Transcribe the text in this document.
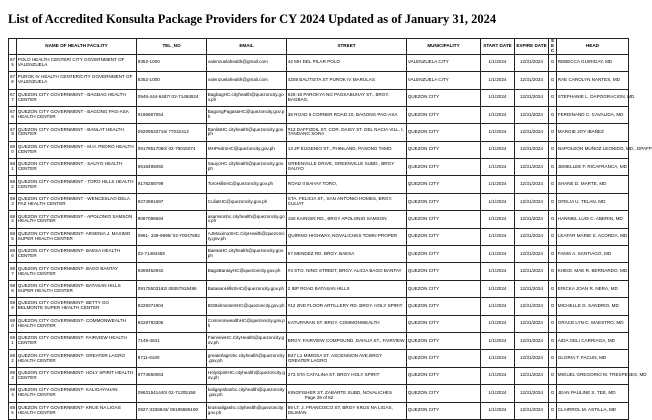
List of Accredited Konsulta Package Providers for CY 2024 Updated as of January 31, 2024
	NAME OF HEALTH FACILITY	TEL_NO	EMAIL	STREET	MUNICIPALITY	START DATE	EXPIRE DATE	SEC	HEAD
675	POLO HEALTH CENTER/ CITY GOVERNMENT OF VALENZUELA	8352-1000	valenzuelahealth@gmail.com	42 MH DEL PILAR POLO	VALENZUELA CITY	1/1/2024	12/31/2024	G	REBECCA GUIRIGAY, MD
676	PUROK IV HEALTH CENTER/CITY GOVERNMENT OF VALENZUELA	8352-1000	valenzuelahealth@gmail.com	4208 BAUTISTA ST PUROK IV MARULAS	VALENZUELA CITY	1/1/2024	12/31/2024	G	RAE CAROLYN NANTES, MD
677	QUEZON CITY GOVERNMENT - BAGBAG HEALTH CENTER	0946-444-6487/ 02-71484924	BagbagHC.cityhealth@quezoncity.gov.ph	625-18 PAROKYA NG PAGKABUHAY ST., BRGY. BAGBAG,	QUEZON CITY	1/1/2024	12/31/2024	G	STEPHANIE L. DAPOGRACION, MD
678	QUEZON CITY GOVERNMENT - BAGONG PAG-ASA HEALTH CENTER	9196667054	BagongPagasaHC@quezoncity.gov.ph	36 ROAD 9 CORNER ROAD 10, BAGONG PAG-ASA	QUEZON CITY	1/1/2024	12/31/2024	G	FERDINAND C. CAVALIDA, MD
679	QUEZON CITY GOVERNMENT - BANLAT HEALTH CENTER	09209533716/ 77032412	BanlatHC.cityhealth@quezoncity.gov.ph	#13 DAFFODIL ST. COR. DAISY ST. DEL NACIA VILL. I, TANDANG SORA	QUEZON CITY	1/1/2024	12/31/2024	G	MARGIE JOY IBAÑEZ
680	QUEZON CITY GOVERNMENT - M.H. PEDRO HEALTH CENTER	09178517080/ 02-79015074	MHPedroHC@quezoncity.gov.ph	13 JP EUGENIO ST., PHINLAND, PASONG TAMO	QUEZON CITY	1/1/2024	12/31/2024	G	NAPOLEON MUÑOZ LEONIDO, MD., DPAFP
681	QUEZON CITY GOVERNMENT - SAUYO HEALTH CENTER	9618495092	SauyoHC.cityhealth@quezoncity.gov.ph	GREENVILLE DRIVE, GREENVILLE SUBD., BRGY SAUYO	QUEZON CITY	1/1/2024	12/31/2024	G	JEMELLEE F. RICAFRANCA, MD
682	QUEZON CITY GOVERNMENT - TORO HILLS HEALTH CENTER	9178268799	ToroHillsHC@quezoncity.gov.ph	ROAD II BAHAY TORO,	QUEZON CITY	1/1/2024	12/31/2024	G	SHANE D. MARTE, MD
683	QUEZON CITY GOVERNMENT - WENCESLAO DELA PAZ HEALTH CENTER	9274981697	CuliatHC@quezoncity.gov.ph	STA. FELICIA ST., SAN ANTONIO HOMES, BRGY. CULIAT	QUEZON CITY	1/1/2024	12/31/2024	G	OFELIA U. TELAN, MD
684	QUEZON CITY GOVERNMENT - APOLONIO SAMSON HEALTH CENTER	9087096694	asamsonhc.cityhealth@quezoncity.gov.ph	150 KAINGIN RD., BRGY APOLONIO SAMSON	QUEZON CITY	1/1/2024	12/31/2024	G	HANNIEL LUIS C. ABERIN, MD
685	QUEZON CITY GOVERNMENT- ARSENIA J. MAXIMO SUPER HEALTH CENTER	0961- 349-9696/ 02-70047692	AJMaximoSHC.CityHealth@quezoncity.gov.ph	QUIRINO HIGHWAY, NOVALICHES TOWN PROPER	QUEZON CITY	1/1/2024	12/31/2024	G	LEAFAR MARIE S. ACORDA, MD
686	QUEZON CITY GOVERNMENT- BAESA HEALTH CENTER	02-71484458	BaesaHC.cityhealth@quezoncity.gov.ph	57 MENDEZ RD. BRGY. BAESA	QUEZON CITY	1/1/2024	12/31/2024	G	FANIS A. SANTIAGO, MD
687	QUEZON CITY GOVERNMENT- BAGO BANTAY HEALTH CENTER	9369452942	BagoBantayHC@quezoncity.gov.ph	#4 STO. NINO STREET, BRGY. ALICIA BAGO BANTAY	QUEZON CITY	1/1/2024	12/31/2024	G	KHEID. MAE R. BERNARDO, MD.
688	QUEZON CITY GOVERNMENT- BATASAN HILLS SUPER HEALTH CENTER	09175503162/ 09357919496	BatasanHillsSHC@quezoncity.gov.ph	2 IBP ROAD BATASAN HILLS	QUEZON CITY	1/1/2024	12/31/2024	G	ERICKA JOAN R. NERA, MD
689	QUEZON CITY GOVERNMENT- BETTY GO BELMONTE SUPER HEALTH CENTER	9229371904	BGBelmonteSHC@quezoncity.gov.ph	#12 2ND FLOOR ARTILLERY RD. BRGY. HOLY SPIRIT	QUEZON CITY	1/1/2024	12/31/2024	G	MICHELLE G. SANDRIO, MD
690	QUEZON CITY GOVERNMENT- COMMONWEALTH HEALTH CENTER	9228793305	CommonwealthHC@quezoncity.gov.ph	KATUPARAN ST. BRGY. COMMONWEALTH	QUEZON CITY	1/1/2024	12/31/2024	G	GRACE LYN C. MAESTRO, MD
691	QUEZON CITY GOVERNMENT- FAIRVIEW HEALTH CENTER	7149-4641	FairviewHC.CityHealth@quezoncity.gov.ph	BRGY. FAIRVIEW COMPOUND, DAHLIA ST., FAIRVIEW	QUEZON CITY	1/1/2024	12/31/2024	G	AIDA GELI CARRIAGA, MD
692	QUEZON CITY GOVERNMENT- GREATER LAGRO HEALTH CENTER	8711-6160	greaterlagrohc.cityhealth@quezoncity.gov.ph	B47 L1 MIMOSA ST. ASCENSION AVE.BRGY GREATER LAGRO	QUEZON CITY	1/1/2024	12/31/2024	G	GLORIA T. FACUN, MD
693	QUEZON CITY GOVERNMENT- HOLY SPIRIT HEALTH CENTER	9774650063	HolySpiritHC.cityhealth@quezoncity.gov.ph	273 STA CATALINA ST. BRGY HOLY SPIRIT	QUEZON CITY	1/1/2024	12/31/2024	G	MIGUEL GREGORIO M. TRESPESES, MD
694	QUEZON CITY GOVERNMENT- KALIGAYAHAN HEALTH CENTER	09631541440/ 02-71205158	kaligayahanhc.cityhealth@quezoncity.gov.ph	KINGFISHER ST. ZABARTE SUBD, NOVALICHES	QUEZON CITY	1/1/2024	12/31/2024	G	JEAN PAULINE S. TEE, MD
695	QUEZON CITY GOVERNMENT- KRUS NA LIGAS HEALTH CENTER	0927-3336943/ 09195586190	krusnaligashc.cityhealth@quezoncity.gov.ph	89 LT. J. FRANCISCO ST, BRGY KRUS NA LIGAS, DILIMAN	QUEZON CITY	1/1/2024	12/31/2024	G	CLAIRROL M. ASTILLA, MD
Page 29 of 82
